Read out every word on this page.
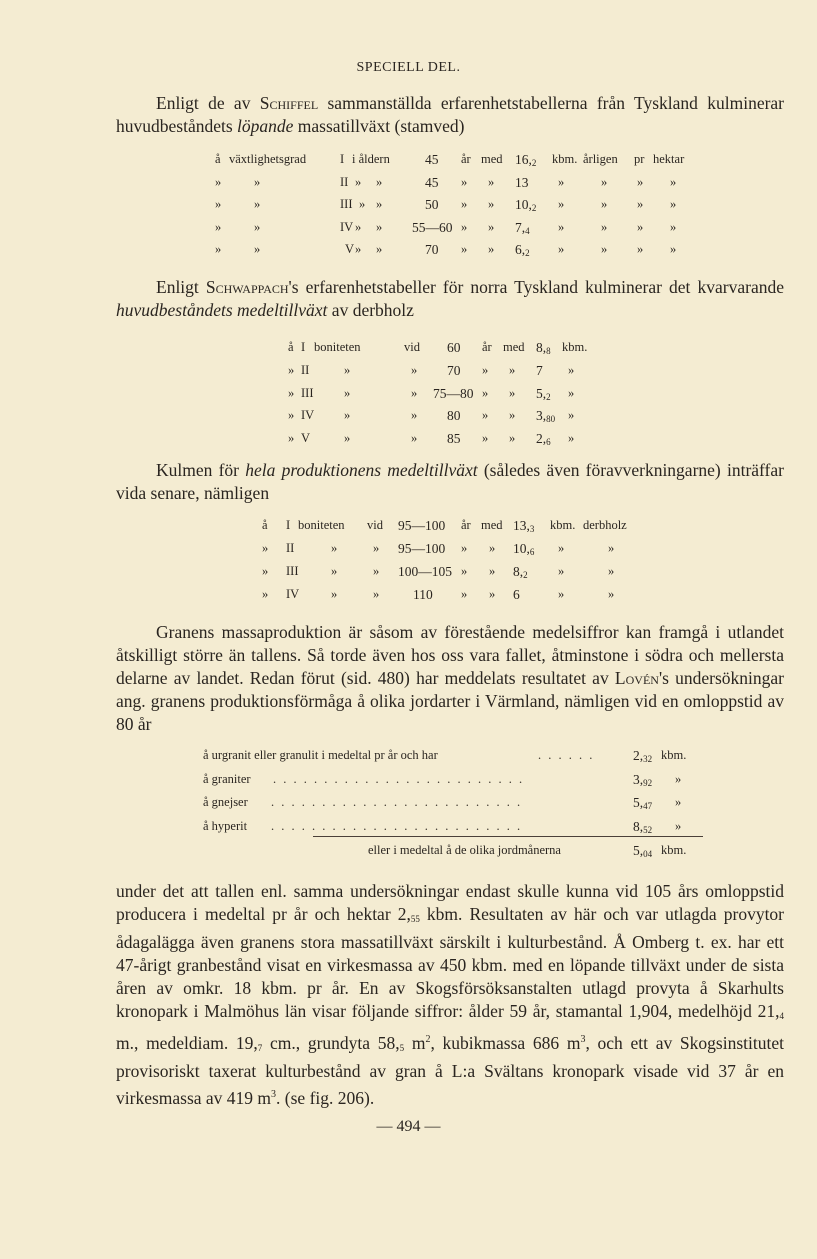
SPECIELL DEL.
Enligt de av Schiffel sammanställda erfarenhetstabellerna från Tyskland kulminerar huvudbeståndets löpande massatillväxt (stamved)
å växtlighetsgrad	I i åldern	45 år med $16,_2$ kbm. årligen pr hektar
»	»	II » »	45 » » 13 »	» » »
»	»	III » »	50 » » $10,_2$ »	» » »
»	»	IV » » 55—60 » » $7,_4$ »	» » »
»	»	V » »	70 » » $6,_2$ »	» » »
Enligt Schwappach's erfarenhetstabeller för norra Tyskland kulminerar det kvarvarande huvudbeståndets medeltillväxt av derbholz
å I boniteten	vid 60 år med $8,_8$ kbm.
» II	»	» 70 » » 7 »
» III »	» 75—80 » » $5,_2$ »
» IV »	» 80 » » $3,_{80}$ »
» V	»	» 85 » » $2,_6$ »
Kulmen för hela produktionens medeltillväxt (således även föravverkningarne) inträffar vida senare, nämligen
å I boniteten vid 95—100 år med $13,_3$ kbm. derbholz
» II	»	» 95—100 » » $10,_6$ »	»
» III	»	» 100—105 » » $8,_2$ »	»
» IV	»	»	110 » » 6	»	»
Granens massaproduktion är såsom av förestående medelsiffror kan framgå i utlandet åtskilligt större än tallens. Så torde även hos oss vara fallet, åtminstone i södra och mellersta delarne av landet. Redan förut (sid. 480) har meddelats resultatet av Lovén's undersökningar ang. granens produktionsförmåga å olika jordarter i Värmland, nämligen vid en omloppstid av 80 år
å urgranit eller granulit i medeltal pr år och har	. . . . . .	$2,_{32}$ kbm.
å graniter . . . . . . . . . . . . . . . . . . . . . . . . .	$3,_{92}$ »
å gnejser . . . . . . . . . . . . . . . . . . . . . . . . .	$5,_{47}$ »
å hyperit . . . . . . . . . . . . . . . . . . . . . . . . .	$8,_{52}$ »
eller i medeltal å de olika jordmånerna	$5,_{04}$ kbm.
under det att tallen enl. samma undersökningar endast skulle kunna vid 105 års omloppstid producera i medeltal pr år och hektar $2,_{55}$ kbm. Resultaten av här och var utlagda provytor ådagalägga även granens stora massatillväxt särskilt i kulturbestånd. Å Omberg t. ex. har ett 47-årigt granbestånd visat en virkesmassa av 450 kbm. med en löpande tillväxt under de sista åren av omkr. 18 kbm. pr år. En av Skogsförsöksanstalten utlagd provyta å Skarhults kronopark i Malmöhus län visar följande siffror: ålder 59 år, stamantal 1,904, medelhöjd $21,_4$ m., medeldiam. $19,_7$ cm., grundyta $58,_5$ $m^2$, kubikmassa 686 $m^3$, och ett av Skogsinstitutet provisoriskt taxerat kulturbestånd av gran å L:a Svältans kronopark visade vid 37 år en virkesmassa av 419 $m^3$. (se fig. 206).
— 494 —
